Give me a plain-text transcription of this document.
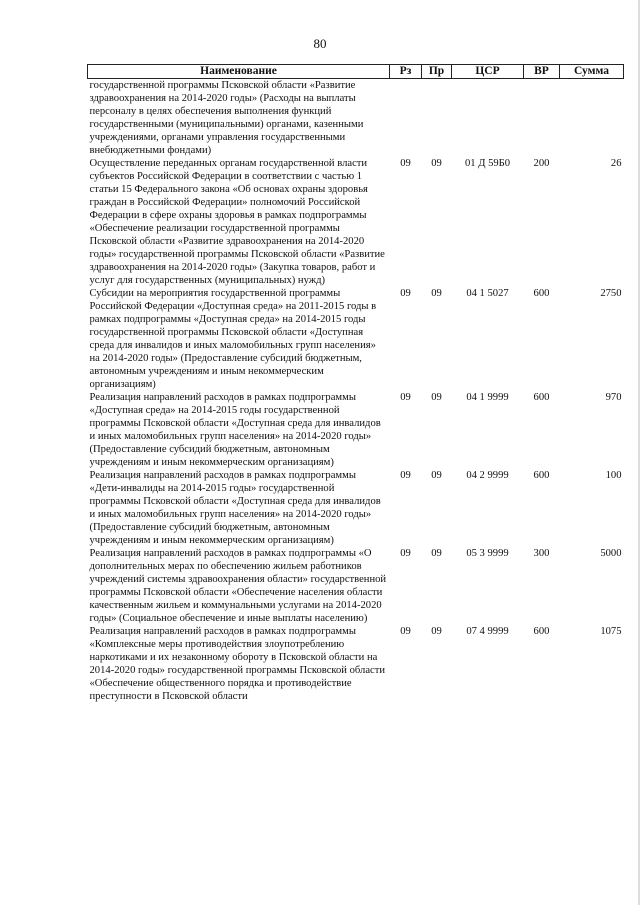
80
Наименование	Рз	Пр	ЦСР	ВР	Сумма
государственной программы Псковской области «Развитие здравоохранения на 2014-2020 годы» (Расходы на выплаты персоналу в целях обеспечения выполнения функций государственными (муниципальными) органами, казенными учреждениями, органами управления государственными внебюджетными фондами)					
Осуществление переданных органам государственной власти субъектов Российской Федерации в соответствии с частью 1 статьи 15 Федерального закона «Об основах охраны здоровья граждан в Российской Федерации» полномочий Российской Федерации в сфере охраны здоровья в рамках подпрограммы «Обеспечение реализации государственной программы Псковской области «Развитие здравоохранения на 2014-2020 годы» государственной программы Псковской области «Развитие здравоохранения на 2014-2020 годы» (Закупка товаров, работ и услуг для государственных (муниципальных) нужд)	09	09	01 Д 59Б0	200	26
Субсидии на мероприятия государственной программы Российской Федерации «Доступная среда» на 2011-2015 годы в рамках подпрограммы «Доступная среда» на 2014-2015 годы государственной программы Псковской области «Доступная среда для инвалидов и иных маломобильных групп населения» на 2014-2020 годы» (Предоставление субсидий бюджетным, автономным учреждениям и иным некоммерческим организациям)	09	09	04 1 5027	600	2750
Реализация направлений расходов в рамках подпрограммы «Доступная среда» на 2014-2015 годы государственной программы Псковской области «Доступная среда для инвалидов и иных маломобильных групп населения» на 2014-2020 годы» (Предоставление субсидий бюджетным, автономным учреждениям и иным некоммерческим организациям)	09	09	04 1 9999	600	970
Реализация направлений расходов в рамках подпрограммы «Дети-инвалиды на 2014-2015 годы» государственной программы Псковской области «Доступная среда для инвалидов и иных маломобильных групп населения» на 2014-2020 годы» (Предоставление субсидий бюджетным, автономным учреждениям и иным некоммерческим организациям)	09	09	04 2 9999	600	100
Реализация направлений расходов в рамках подпрограммы «О дополнительных мерах по обеспечению жильем работников учреждений системы здравоохранения области» государственной программы Псковской области «Обеспечение населения области качественным жильем и коммунальными услугами на 2014-2020 годы» (Социальное обеспечение и иные выплаты населению)	09	09	05 3 9999	300	5000
Реализация направлений расходов в рамках подпрограммы «Комплексные меры противодействия злоупотреблению наркотиками и их незаконному обороту в Псковской области на 2014-2020 годы» государственной программы Псковской области «Обеспечение общественного порядка и противодействие преступности в Псковской области	09	09	07 4 9999	600	1075
